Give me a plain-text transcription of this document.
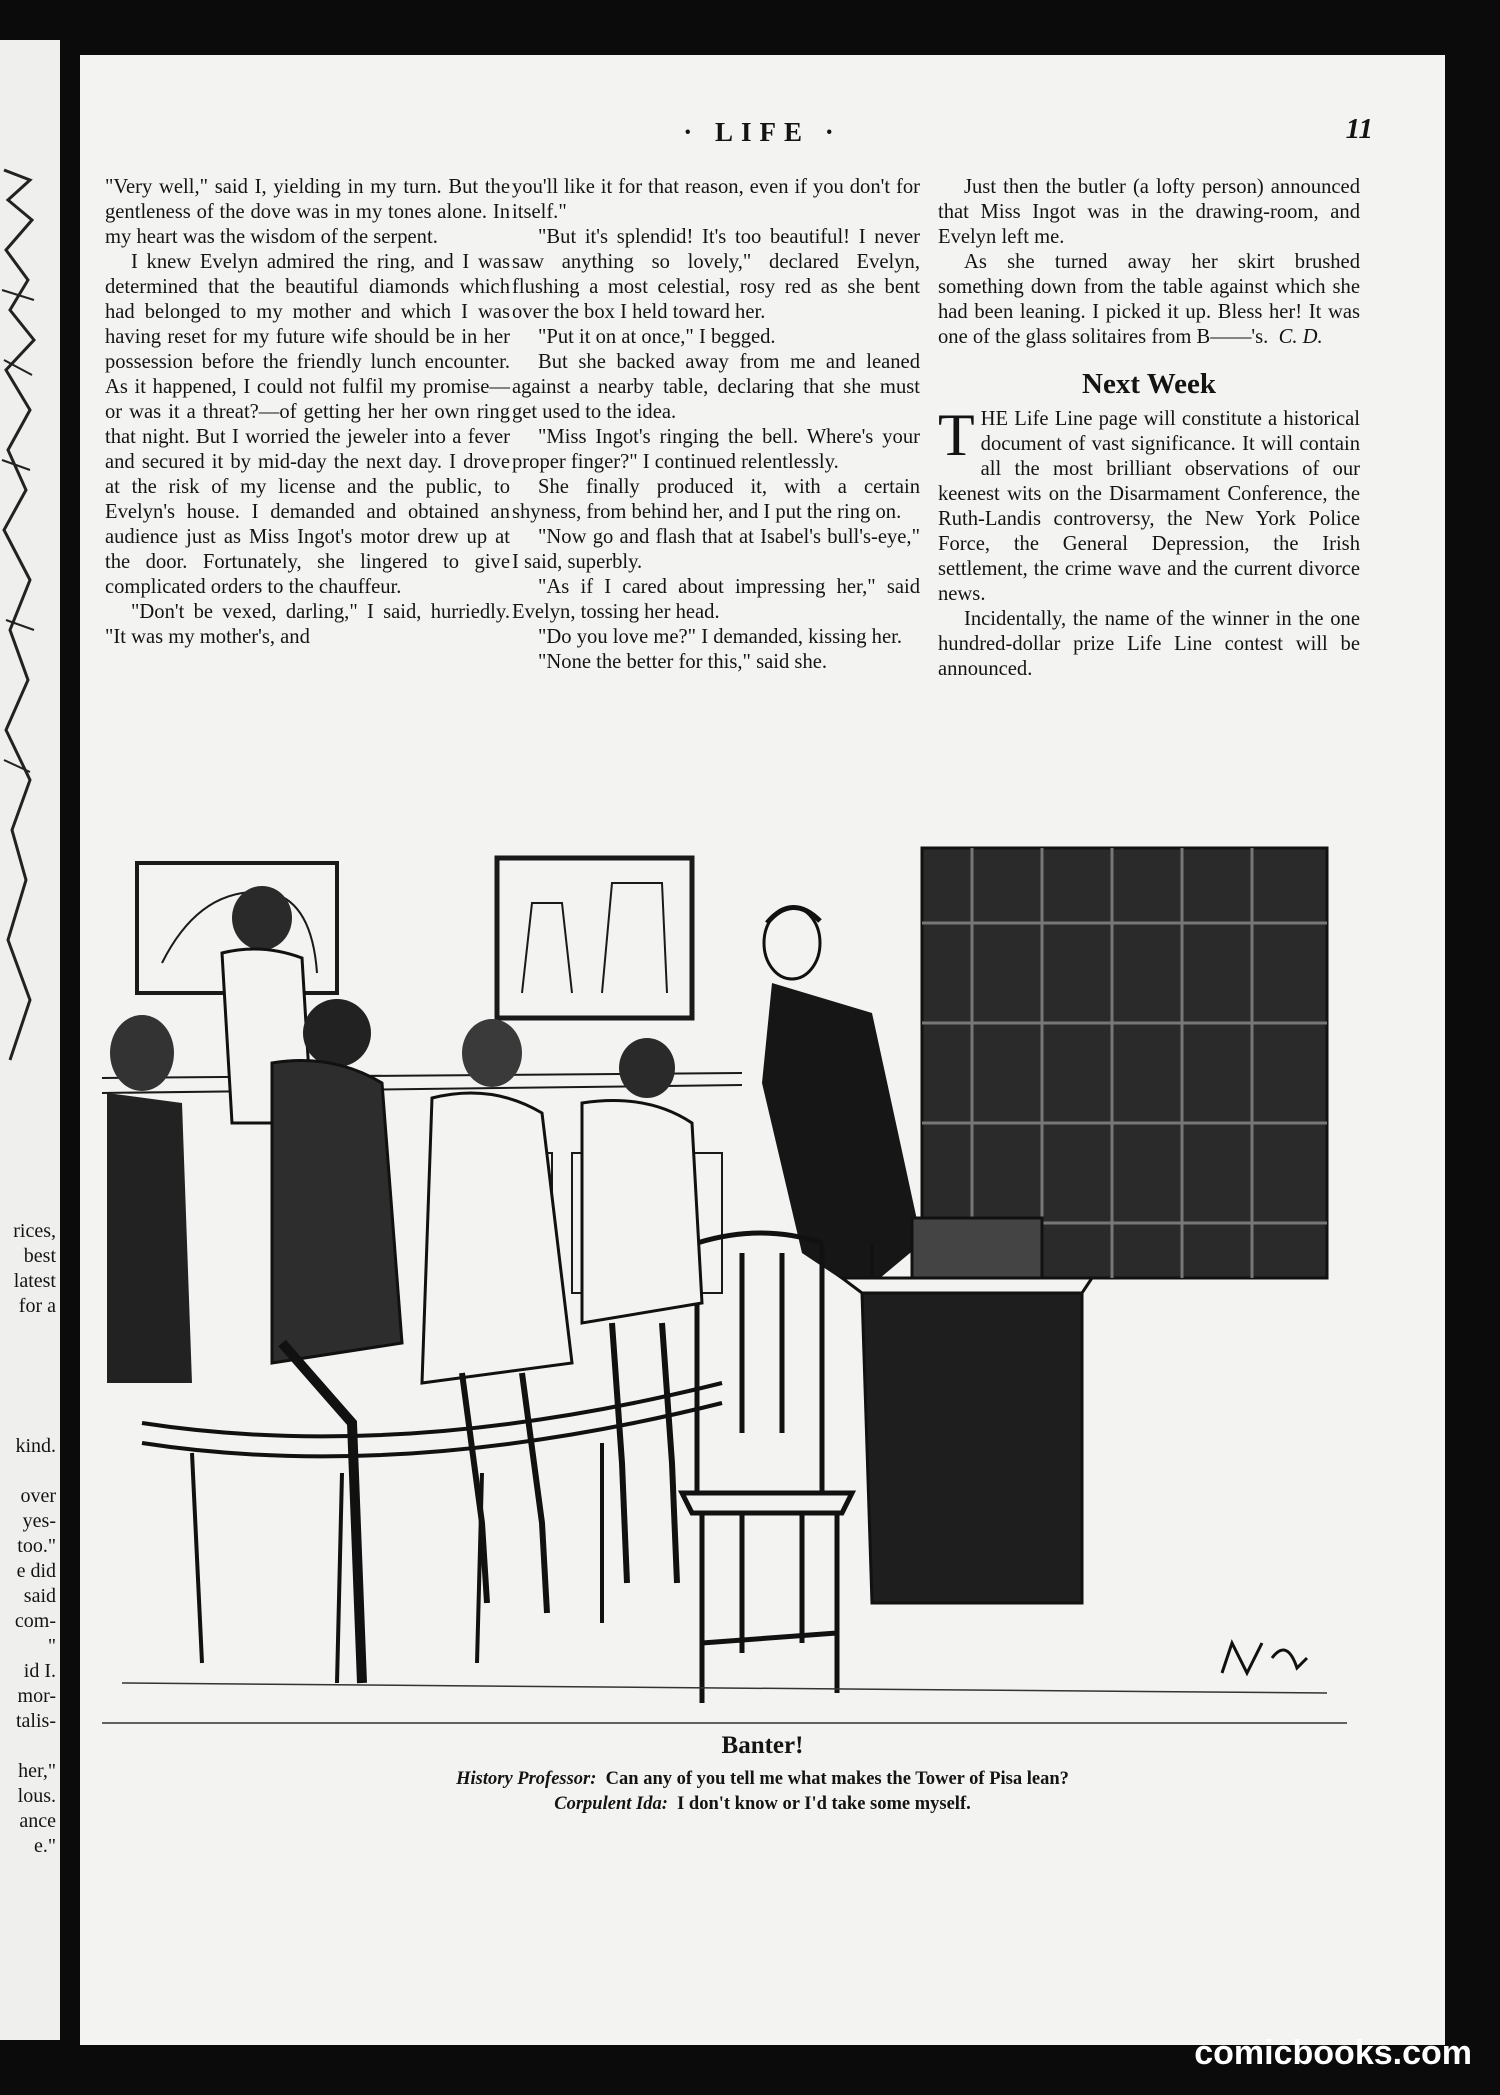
rices,
best
latest
for a
kind.
over
yes-
too."
e did
said
com-
"
id I.
mor-
talis-
her,"
lous.
ance
e."
· LIFE ·	11

"Very well," said I, yielding in my turn. But the gentleness of the dove was in my tones alone. In my heart was the wisdom of the serpent.

I knew Evelyn admired the ring, and I was determined that the beautiful diamonds which had belonged to my mother and which I was having reset for my future wife should be in her possession before the friendly lunch encounter. As it happened, I could not fulfil my promise—or was it a threat?—of getting her her own ring that night. But I worried the jeweler into a fever and secured it by mid-day the next day. I drove at the risk of my license and the public, to Evelyn's house. I demanded and obtained an audience just as Miss Ingot's motor drew up at the door. Fortunately, she lingered to give complicated orders to the chauffeur.

"Don't be vexed, darling," I said, hurriedly. "It was my mother's, and

you'll like it for that reason, even if you don't for itself."

"But it's splendid! It's too beautiful! I never saw anything so lovely," declared Evelyn, flushing a most celestial, rosy red as she bent over the box I held toward her.

"Put it on at once," I begged.

But she backed away from me and leaned against a nearby table, declaring that she must get used to the idea.

"Miss Ingot's ringing the bell. Where's your proper finger?" I continued relentlessly.

She finally produced it, with a certain shyness, from behind her, and I put the ring on.

"Now go and flash that at Isabel's bull's-eye," I said, superbly.

"As if I cared about impressing her," said Evelyn, tossing her head.

"Do you love me?" I demanded, kissing her.

"None the better for this," said she.

Just then the butler (a lofty person) announced that Miss Ingot was in the drawing-room, and Evelyn left me.

As she turned away her skirt brushed something down from the table against which she had been leaning. I picked it up. Bless her! It was one of the glass solitaires from B——'s. C. D.

Next Week

THE Life Line page will constitute a historical document of vast significance. It will contain all the most brilliant observations of our keenest wits on the Disarmament Conference, the Ruth-Landis controversy, the New York Police Force, the General Depression, the Irish settlement, the crime wave and the current divorce news.

Incidentally, the name of the winner in the one hundred-dollar prize Life Line contest will be announced.

Banter!
History Professor: Can any of you tell me what makes the Tower of Pisa lean?
Corpulent Ida: I don't know or I'd take some myself.
comicbooks.com
